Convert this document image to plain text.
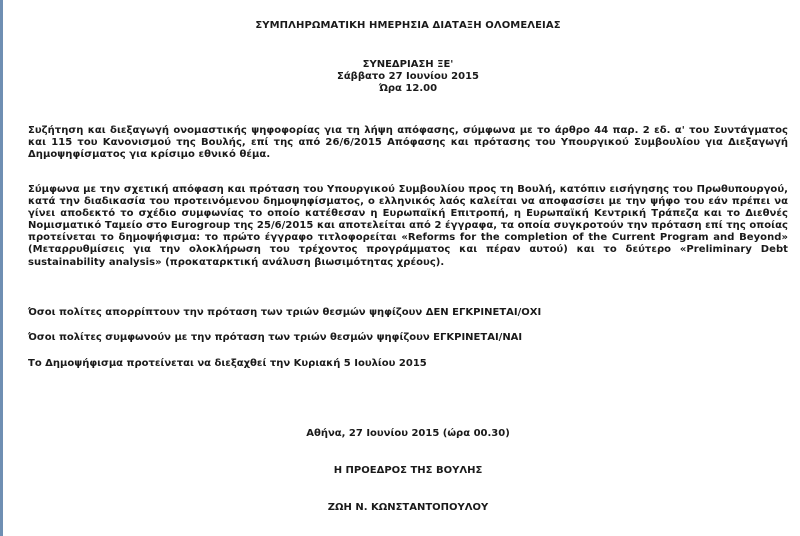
ΣΥΜΠΛΗΡΩΜΑΤΙΚΗ ΗΜΕΡΗΣΙΑ ΔΙΑΤΑΞΗ ΟΛΟΜΕΛΕΙΑΣ
ΣΥΝΕΔΡΙΑΣΗ ΞΕ'
Σάββατο 27 Ιουνίου 2015
Ώρα 12.00
Συζήτηση και διεξαγωγή ονομαστικής ψηφοφορίας για τη λήψη απόφασης, σύμφωνα με το άρθρο 44 παρ. 2 εδ. α' του Συντάγματος και 115 του Κανονισμού της Βουλής, επί της από 26/6/2015 Απόφασης και πρότασης του Υπουργικού Συμβουλίου για Διεξαγωγή Δημοψηφίσματος για κρίσιμο εθνικό θέμα.
Σύμφωνα με την σχετική απόφαση και πρόταση του Υπουργικού Συμβουλίου προς τη Βουλή, κατόπιν εισήγησης του Πρωθυπουργού, κατά την διαδικασία του προτεινόμενου δημοψηφίσματος, ο ελληνικός λαός καλείται να αποφασίσει με την ψήφο του εάν πρέπει να γίνει αποδεκτό το σχέδιο συμφωνίας το οποίο κατέθεσαν η Ευρωπαϊκή Επιτροπή, η Ευρωπαϊκή Κεντρική Τράπεζα και το Διεθνές Νομισματικό Ταμείο στο Eurogroup της 25/6/2015 και αποτελείται από 2 έγγραφα, τα οποία συγκροτούν την πρόταση επί της οποίας προτείνεται το δημοψήφισμα: το πρώτο έγγραφο τιτλοφορείται «Reforms for the completion of the Current Program and Beyond» (Μεταρρυθμίσεις για την ολοκλήρωση του τρέχοντος προγράμματος και πέραν αυτού) και το δεύτερο «Preliminary Debt sustainability analysis» (προκαταρκτική ανάλυση βιωσιμότητας χρέους).
Όσοι πολίτες απορρίπτουν την πρόταση των τριών θεσμών ψηφίζουν ΔΕΝ ΕΓΚΡΙΝΕΤΑΙ/ΟΧΙ
Όσοι πολίτες συμφωνούν με την πρόταση των τριών θεσμών ψηφίζουν ΕΓΚΡΙΝΕΤΑΙ/ΝΑΙ
Το Δημοψήφισμα προτείνεται να διεξαχθεί την Κυριακή 5 Ιουλίου 2015
Αθήνα, 27 Ιουνίου 2015 (ώρα 00.30)
Η ΠΡΟΕΔΡΟΣ ΤΗΣ ΒΟΥΛΗΣ
ΖΩΗ Ν. ΚΩΝΣΤΑΝΤΟΠΟΥΛΟΥ
